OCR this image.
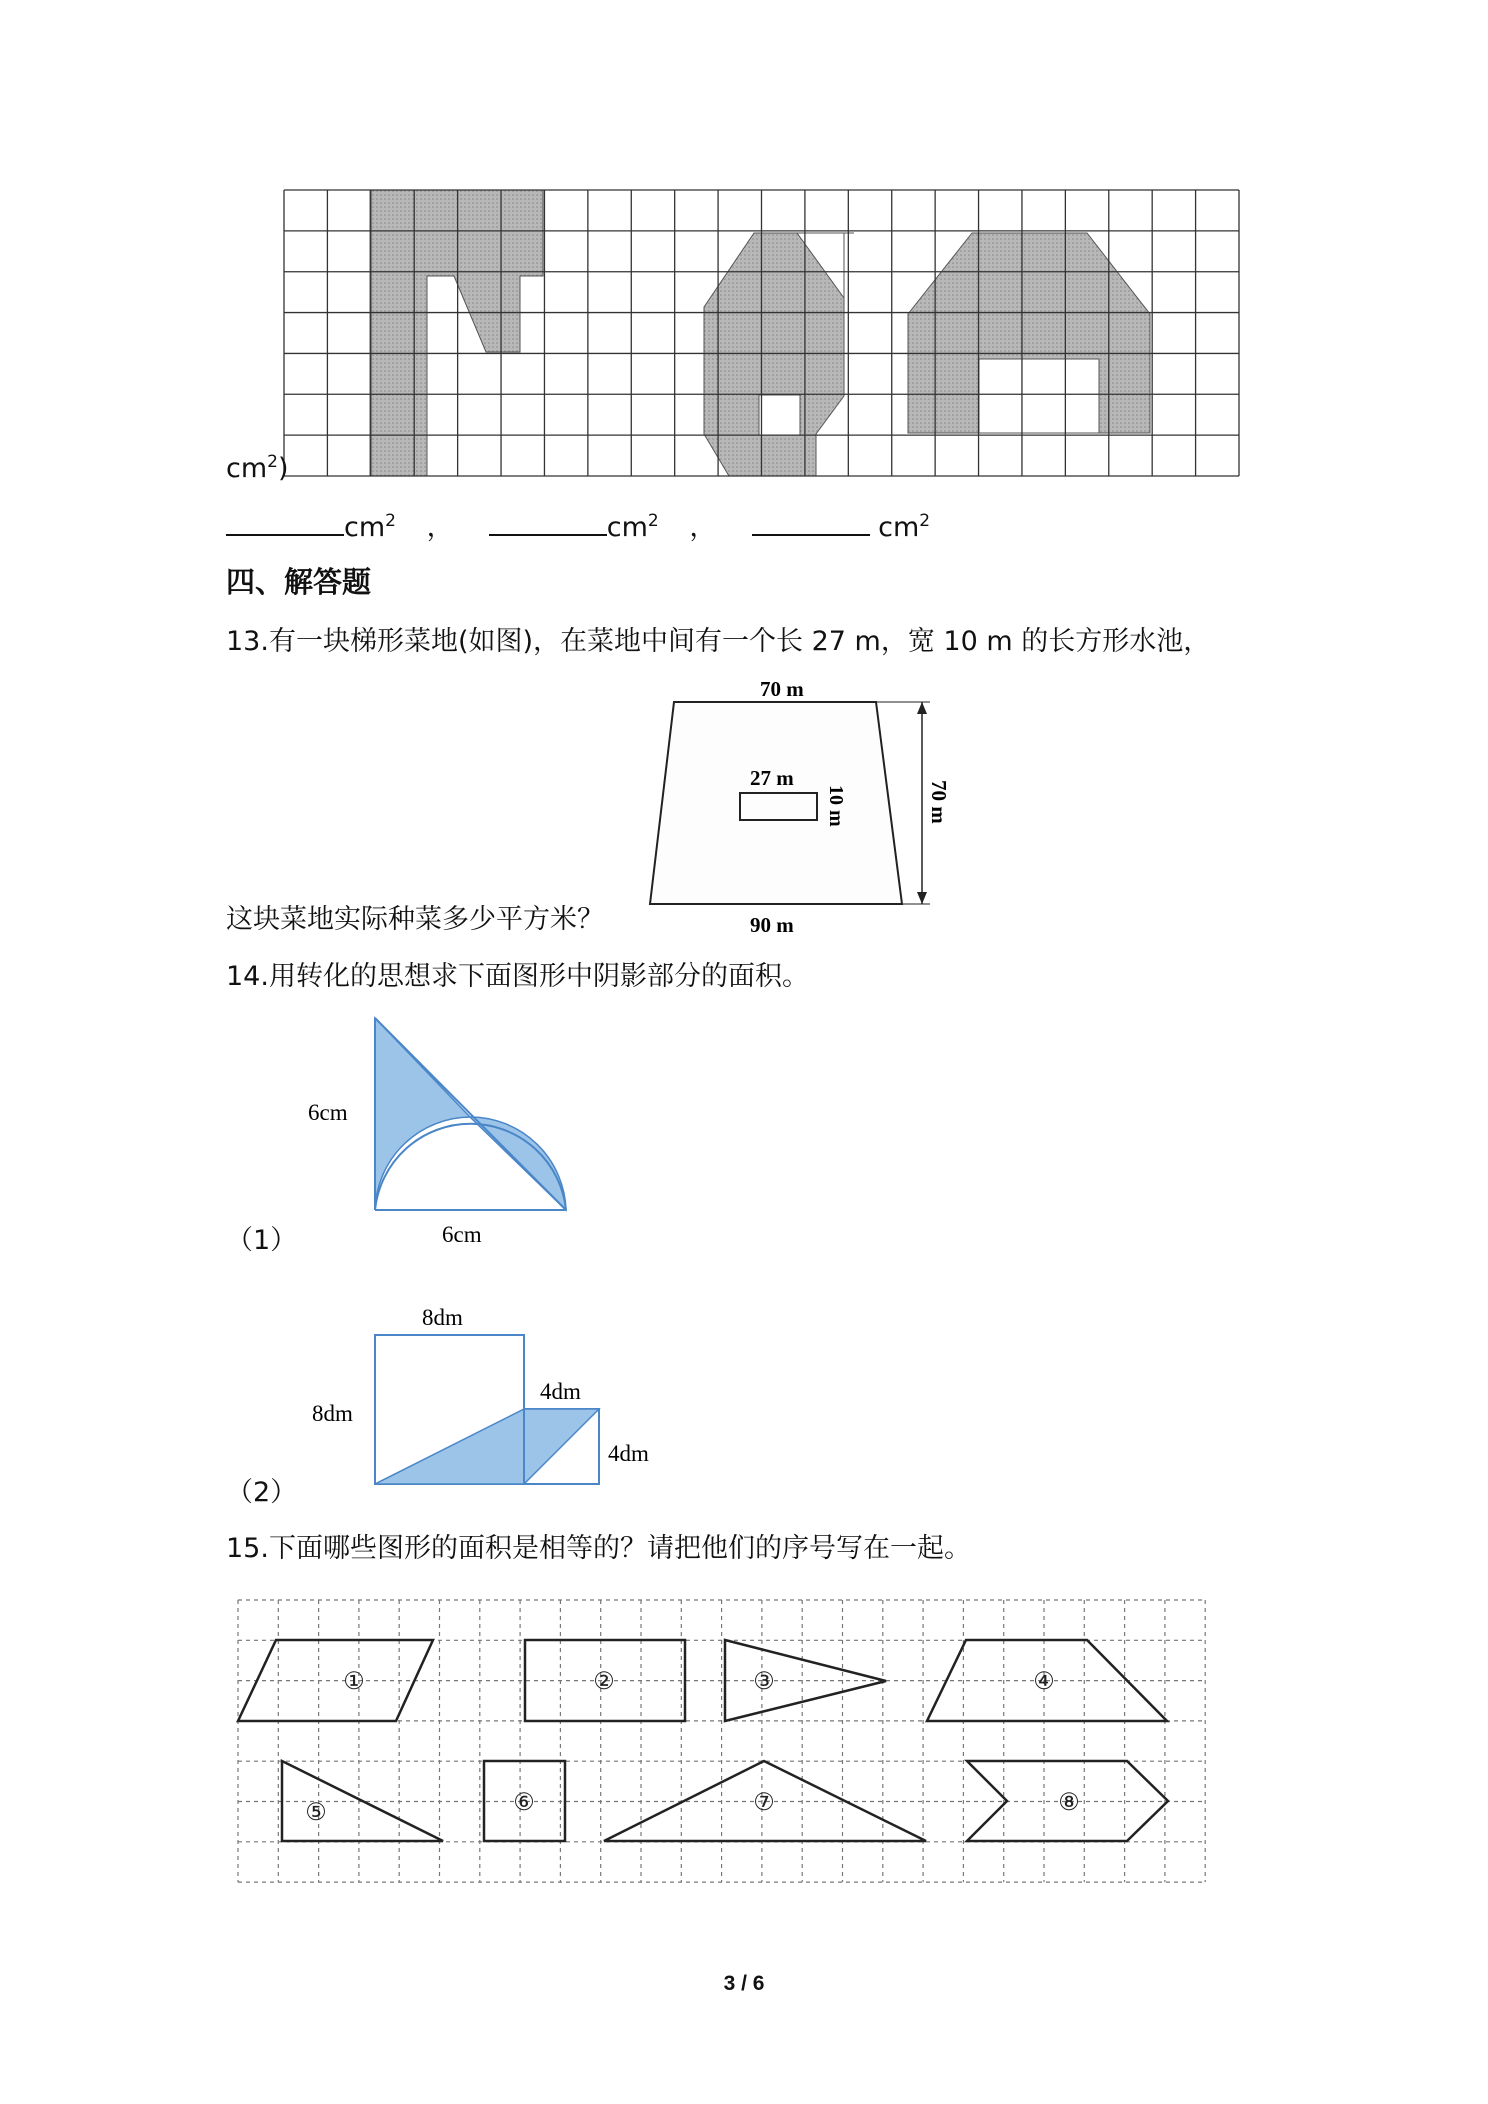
$cm^2$)
$cm^2$ ，	$cm^2$ ，	$cm^2$
四、解答题
13.有一块梯形菜地(如图)，在菜地中间有一个长 27 m，宽 10 m 的长方形水池，
70 m
90 m
27 m
10 m	70 m
这块菜地实际种菜多少平方米？
14.用转化的思想求下面图形中阴影部分的面积。
6cm
6cm
（1）
8dm
8dm
4dm
4dm
（2）
15.下面哪些图形的面积是相等的？请把他们的序号写在一起。
①	②	③	④
⑤	⑥	⑦	⑧
3 / 6
